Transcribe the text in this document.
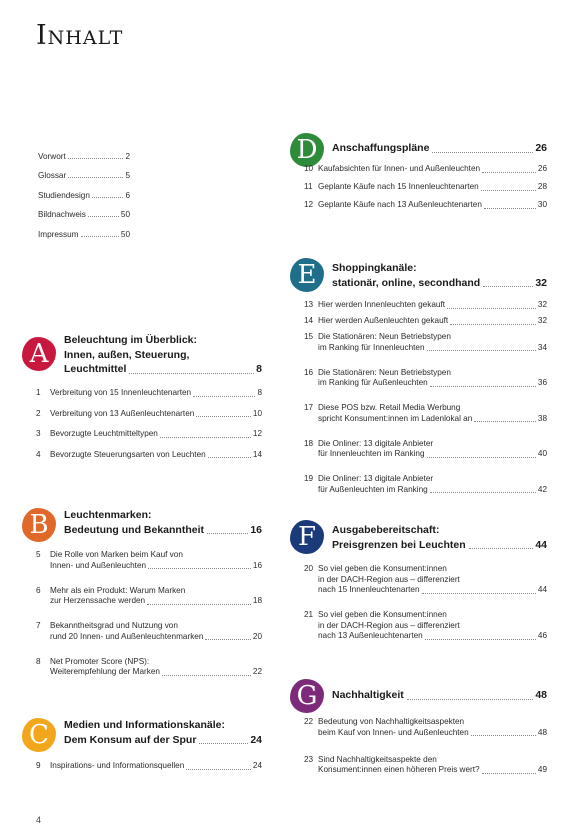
Inhalt
Vorwort	2
Glossar	5
Studiendesign	6
Bildnachweis	50
Impressum	50
A	Beleuchtung im Überblick:
Innen, außen, Steuerung,
Leuchtmittel	8
1	Verbreitung von 15 Innenleuchtenarten	8
2	Verbreitung von 13 Außenleuchtenarten	10
3	Bevorzugte Leuchtmitteltypen	12
4	Bevorzugte Steuerungsarten von Leuchten	14
B	Leuchtenmarken:
Bedeutung und Bekanntheit	16
5	Die Rolle von Marken beim Kauf von
Innen- und Außenleuchten	16
6	Mehr als ein Produkt: Warum Marken
zur Herzenssache werden	18
7	Bekanntheitsgrad und Nutzung von
rund 20 Innen- und Außenleuchtenmarken	20
8	Net Promoter Score (NPS):
Weiterempfehlung der Marken	22
C	Medien und Informationskanäle:
Dem Konsum auf der Spur	24
9	Inspirations- und Informationsquellen	24
D	Anschaffungspläne	26
10 Kaufabsichten für Innen- und Außenleuchten	26
11 Geplante Käufe nach 15 Innenleuchtenarten	28
12 Geplante Käufe nach 13 Außenleuchtenarten	30
E	Shoppingkanäle:
stationär, online, secondhand	32
13 Hier werden Innenleuchten gekauft	32
14 Hier werden Außenleuchten gekauft	32
15 Die Stationären: Neun Betriebstypen
im Ranking für Innenleuchten	34
16 Die Stationären: Neun Betriebstypen
im Ranking für Außenleuchten	36
17 Diese POS bzw. Retail Media Werbung
spricht Konsument:innen im Ladenlokal an	38
18 Die Onliner: 13 digitale Anbieter
für Innenleuchten im Ranking	40
19 Die Onliner: 13 digitale Anbieter
für Außenleuchten im Ranking	42
F	Ausgabebereitschaft:
Preisgrenzen bei Leuchten	44
20 So viel geben die Konsument:innen
in der DACH-Region aus – differenziert
nach 15 Innenleuchtenarten	44
21 So viel geben die Konsument:innen
in der DACH-Region aus – differenziert
nach 13 Außenleuchtenarten	46
G	Nachhaltigkeit	48
22 Bedeutung von Nachhaltigkeitsaspekten
beim Kauf von Innen- und Außenleuchten	48
23 Sind Nachhaltigkeitsaspekte den
Konsument:innen einen höheren Preis wert?	49
4
